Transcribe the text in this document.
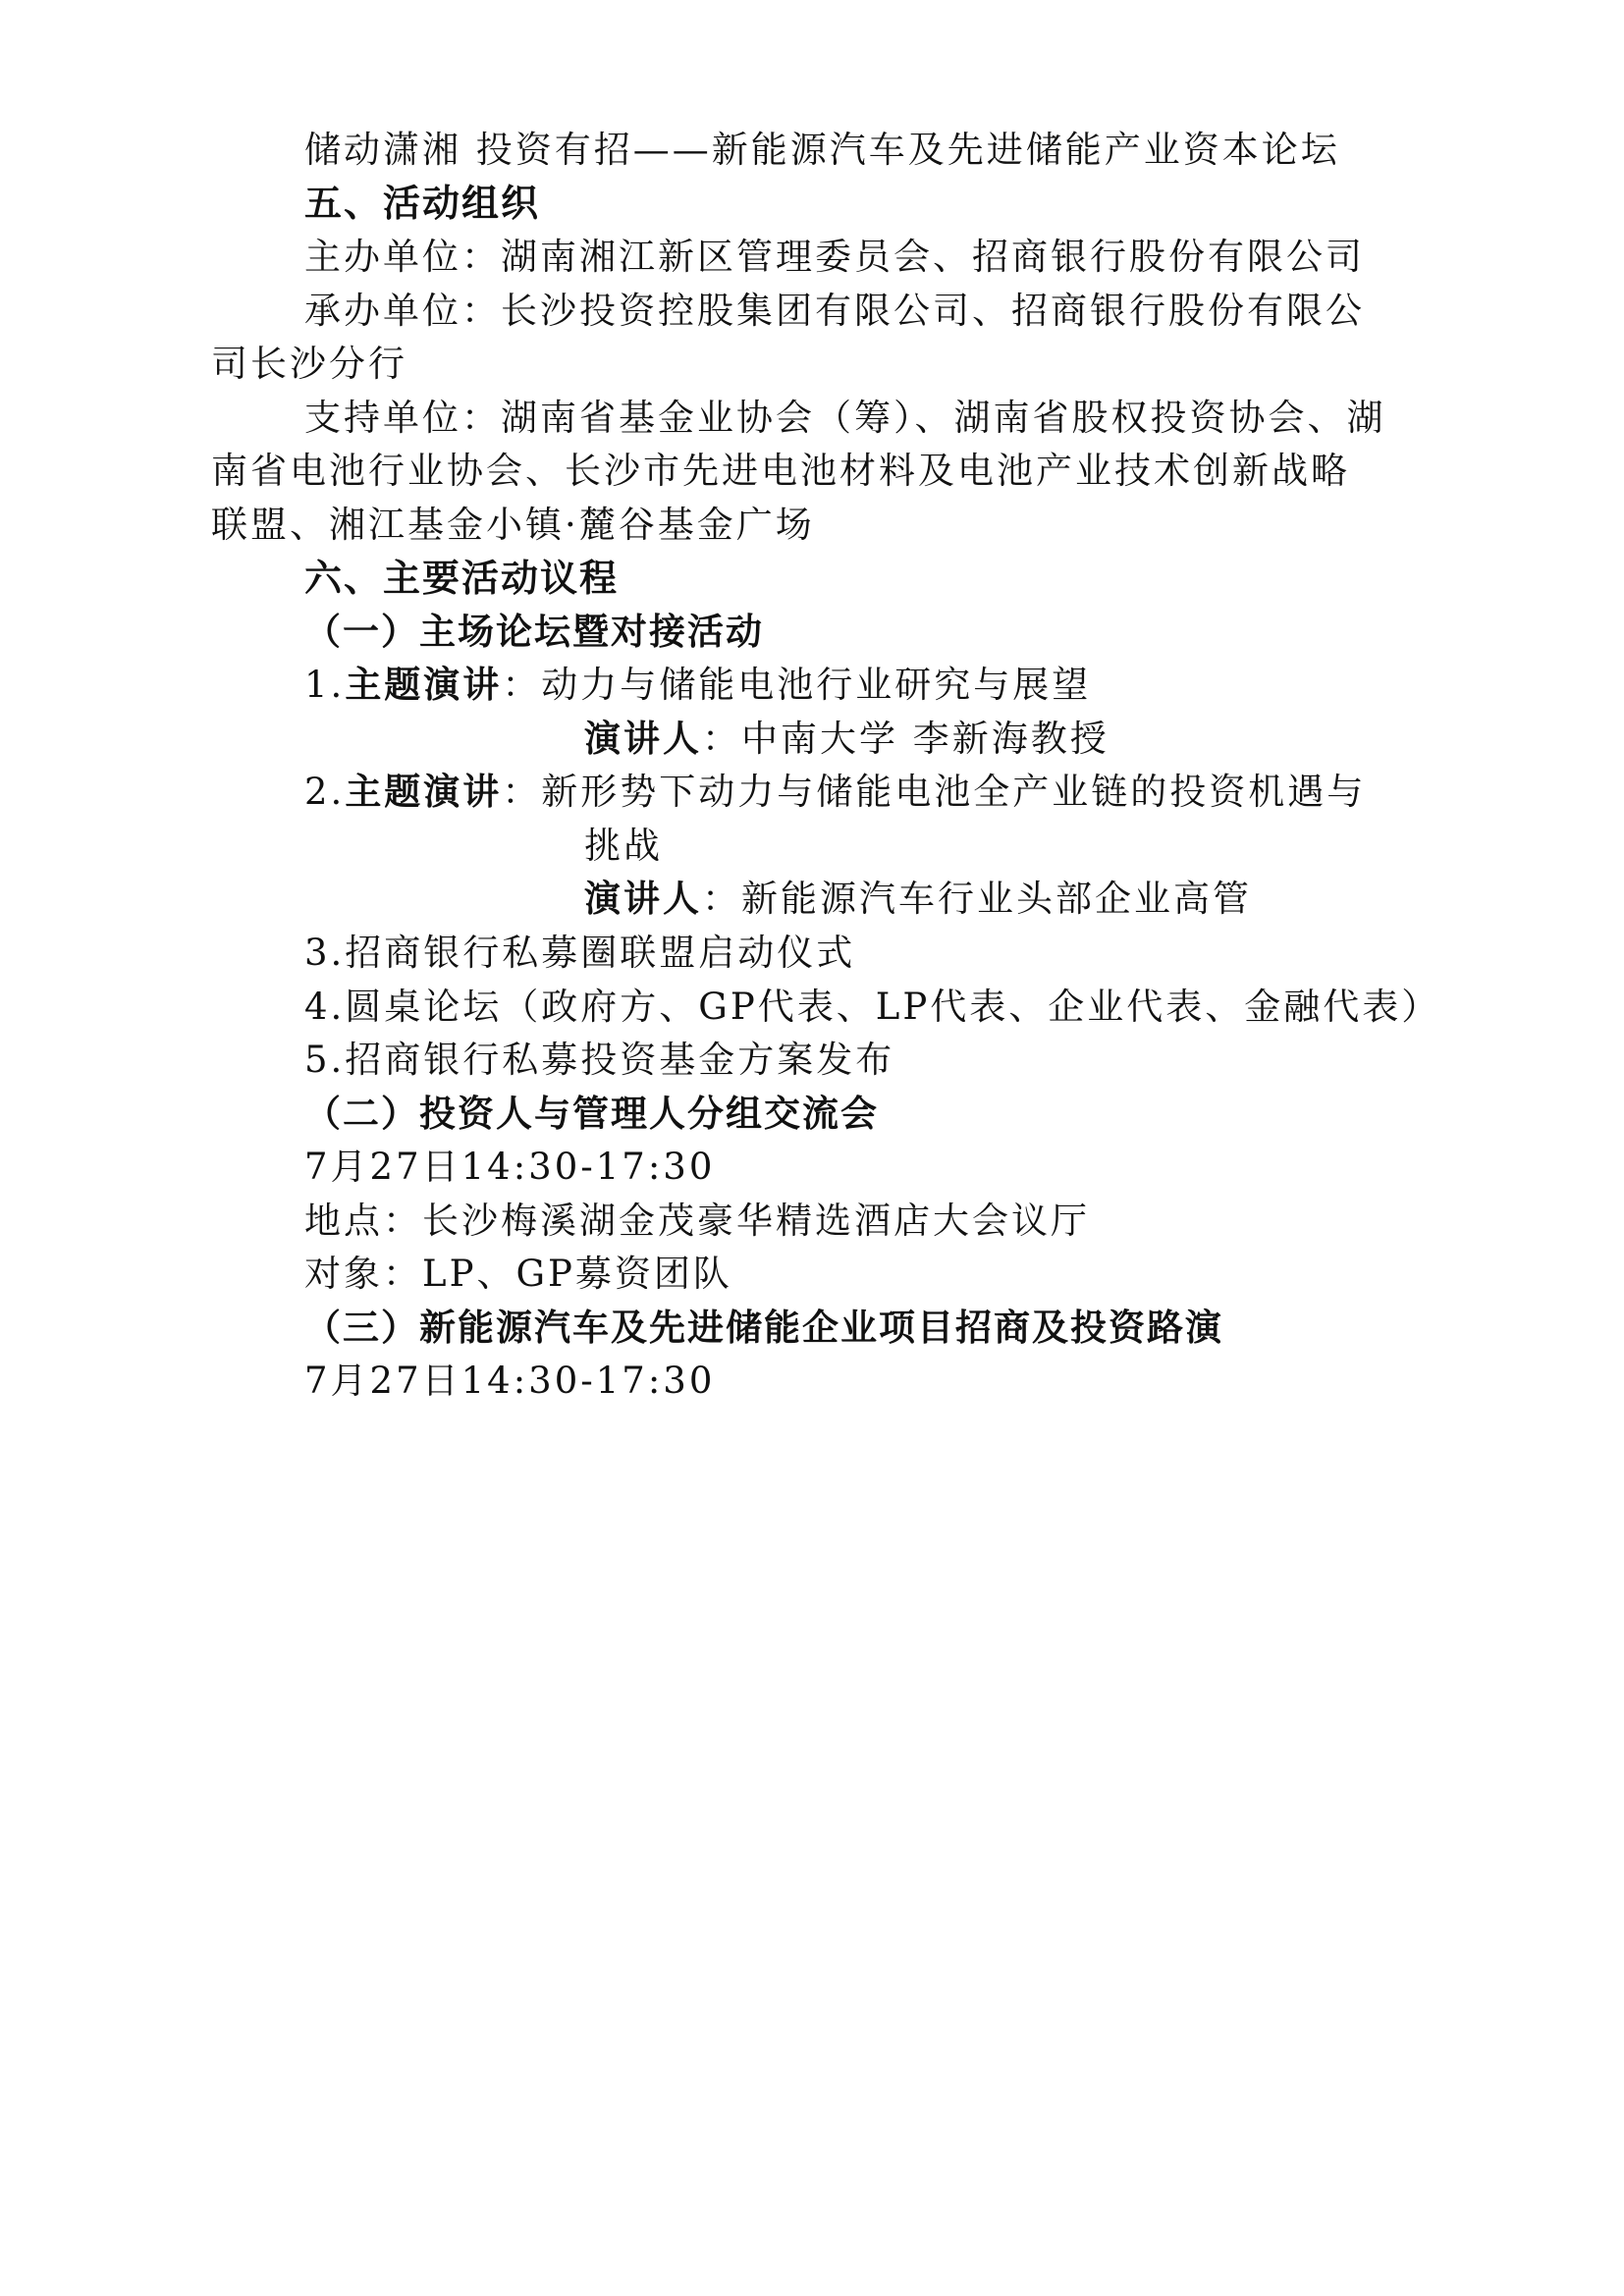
储动潇湘 投资有招——新能源汽车及先进储能产业资本论坛
五、活动组织
主办单位：湖南湘江新区管理委员会、招商银行股份有限公司
承办单位：长沙投资控股集团有限公司、招商银行股份有限公
司长沙分行
支持单位：湖南省基金业协会（筹）、湖南省股权投资协会、湖
南省电池行业协会、长沙市先进电池材料及电池产业技术创新战略
联盟、湘江基金小镇·麓谷基金广场
六、主要活动议程
（一）主场论坛暨对接活动
1.主题演讲：动力与储能电池行业研究与展望
演讲人：中南大学 李新海教授
2.主题演讲：新形势下动力与储能电池全产业链的投资机遇与
挑战
演讲人：新能源汽车行业头部企业高管
3.招商银行私募圈联盟启动仪式
4.圆桌论坛（政府方、GP代表、LP代表、企业代表、金融代表）
5.招商银行私募投资基金方案发布
（二）投资人与管理人分组交流会
7月27日14:30-17:30
地点：长沙梅溪湖金茂豪华精选酒店大会议厅
对象：LP、GP募资团队
（三）新能源汽车及先进储能企业项目招商及投资路演
7月27日14:30-17:30
